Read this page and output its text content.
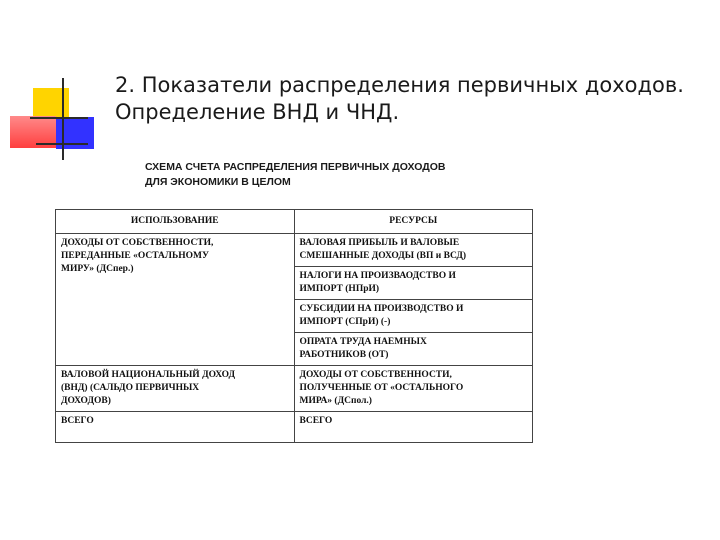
2. Показатели распределения первичных доходов.
Определение ВНД и ЧНД.
СХЕМА СЧЕТА РАСПРЕДЕЛЕНИЯ ПЕРВИЧНЫХ ДОХОДОВ
ДЛЯ ЭКОНОМИКИ В ЦЕЛОМ
ИСПОЛЬЗОВАНИЕ	РЕСУРСЫ

ДОХОДЫ ОТ СОБСТВЕННОСТИ,
ПЕРЕДАННЫЕ «ОСТАЛЬНОМУ
МИРУ» (ДСпер.)	ВАЛОВАЯ ПРИБЫЛЬ И ВАЛОВЫЕ
СМЕШАННЫЕ ДОХОДЫ (ВП и ВСД)

	НАЛОГИ НА ПРОИЗВАОДСТВО И
ИМПОРТ (НПрИ)

	СУБСИДИИ НА ПРОИЗВОДСТВО И
ИМПОРТ (СПрИ) (-)

	ОПРАТА ТРУДА НАЕМНЫХ
РАБОТНИКОВ (ОТ)

ВАЛОВОЙ НАЦИОНАЛЬНЫЙ ДОХОД
(ВНД) (САЛЬДО ПЕРВИЧНЫХ
ДОХОДОВ)	ДОХОДЫ ОТ СОБСТВЕННОСТИ,
ПОЛУЧЕННЫЕ ОТ «ОСТАЛЬНОГО
МИРА» (ДСпол.)

ВСЕГО	ВСЕГО
